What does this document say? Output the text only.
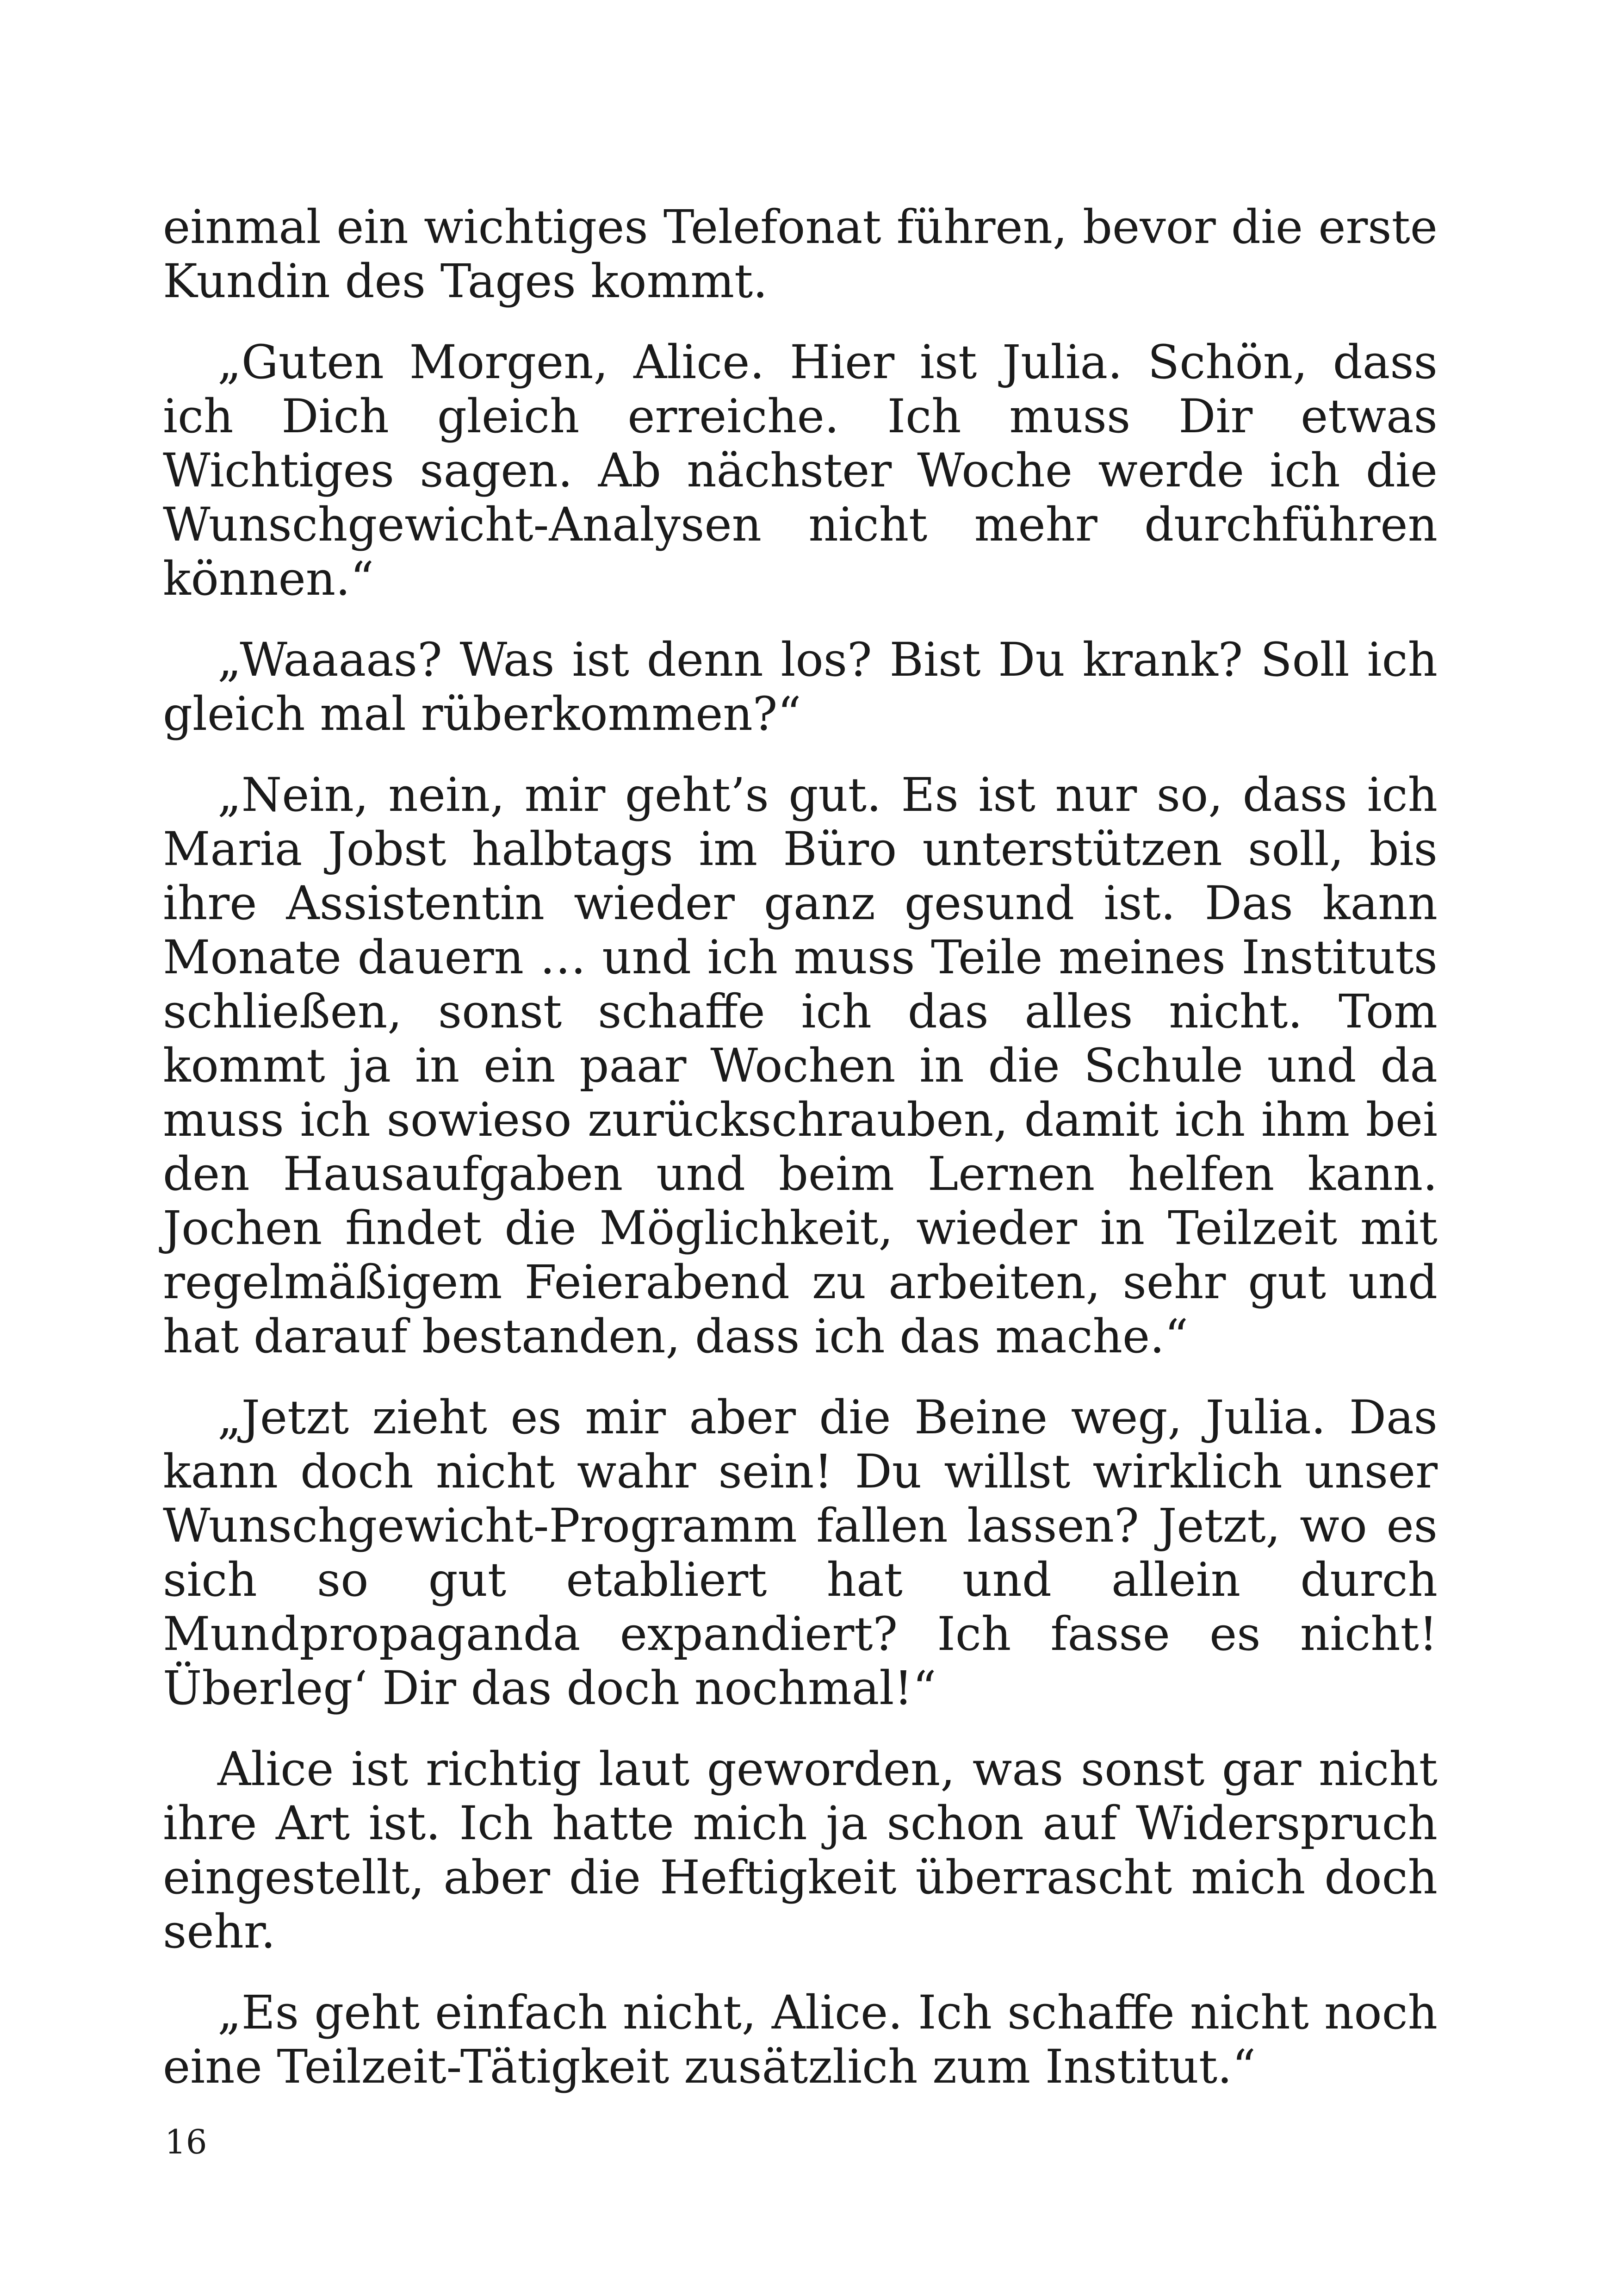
einmal ein wichtiges Telefonat führen, bevor die erste Kundin des Tages kommt.

„Guten Morgen, Alice. Hier ist Julia. Schön, dass ich Dich gleich erreiche. Ich muss Dir etwas Wichtiges sagen. Ab nächster Woche werde ich die Wunschgewicht-Analysen nicht mehr durchführen können.“

„Waaaas? Was ist denn los? Bist Du krank? Soll ich gleich mal rüberkommen?“

„Nein, nein, mir geht’s gut. Es ist nur so, dass ich Maria Jobst halbtags im Büro unterstützen soll, bis ihre Assistentin wieder ganz gesund ist. Das kann Monate dauern … und ich muss Teile meines Instituts schließen, sonst schaffe ich das alles nicht. Tom kommt ja in ein paar Wochen in die Schule und da muss ich sowieso zurückschrauben, damit ich ihm bei den Hausaufgaben und beim Lernen helfen kann. Jochen findet die Möglichkeit, wieder in Teilzeit mit regelmäßigem Feierabend zu arbeiten, sehr gut und hat darauf bestanden, dass ich das mache.“

„Jetzt zieht es mir aber die Beine weg, Julia. Das kann doch nicht wahr sein! Du willst wirklich unser Wunschgewicht-Programm fallen lassen? Jetzt, wo es sich so gut etabliert hat und allein durch Mundpropaganda expandiert? Ich fasse es nicht! Überleg‘ Dir das doch nochmal!“

Alice ist richtig laut geworden, was sonst gar nicht ihre Art ist. Ich hatte mich ja schon auf Widerspruch eingestellt, aber die Heftigkeit überrascht mich doch sehr.

„Es geht einfach nicht, Alice. Ich schaffe nicht noch eine Teilzeit-Tätigkeit zusätzlich zum Institut.“

16
